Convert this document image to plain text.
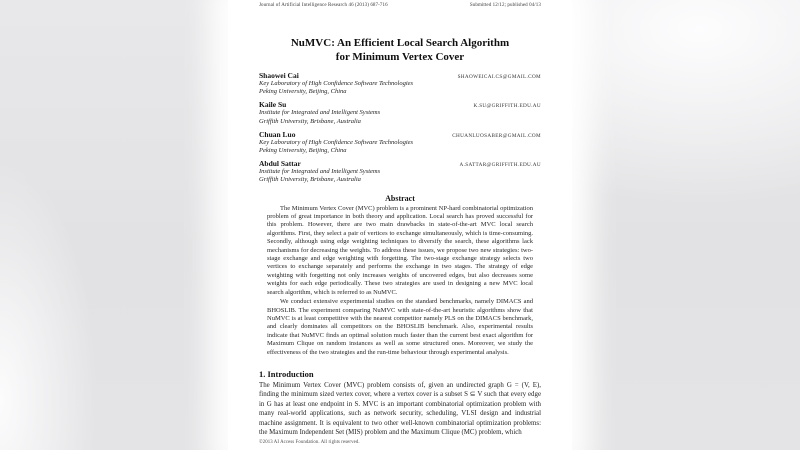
Journal of Artificial Intelligence Research 46 (2013) 687-716	Submitted 12/12; published 04/13
NuMVC: An Efficient Local Search Algorithm
for Minimum Vertex Cover
Shaowei Cai	SHAOWEICAI.CS@GMAIL.COM
Key Laboratory of High Confidence Software Technologies
Peking University, Beijing, China
Kaile Su	K.SU@GRIFFITH.EDU.AU
Institute for Integrated and Intelligent Systems
Griffith University, Brisbane, Australia
Chuan Luo	CHUANLUOSABER@GMAIL.COM
Key Laboratory of High Confidence Software Technologies
Peking University, Beijing, China
Abdul Sattar	A.SATTAR@GRIFFITH.EDU.AU
Institute for Integrated and Intelligent Systems
Griffith University, Brisbane, Australia
Abstract

The Minimum Vertex Cover (MVC) problem is a prominent NP-hard combinatorial optimization problem of great importance in both theory and application. Local search has proved successful for this problem. However, there are two main drawbacks in state-of-the-art MVC local search algorithms. First, they select a pair of vertices to exchange simultaneously, which is time-consuming. Secondly, although using edge weighting techniques to diversify the search, these algorithms lack mechanisms for decreasing the weights. To address these issues, we propose two new strategies: two-stage exchange and edge weighting with forgetting. The two-stage exchange strategy selects two vertices to exchange separately and performs the exchange in two stages. The strategy of edge weighting with forgetting not only increases weights of uncovered edges, but also decreases some weights for each edge periodically. These two strategies are used in designing a new MVC local search algorithm, which is referred to as NuMVC.

We conduct extensive experimental studies on the standard benchmarks, namely DIMACS and BHOSLIB. The experiment comparing NuMVC with state-of-the-art heuristic algorithms show that NuMVC is at least competitive with the nearest competitor namely PLS on the DIMACS benchmark, and clearly dominates all competitors on the BHOSLIB benchmark. Also, experimental results indicate that NuMVC finds an optimal solution much faster than the current best exact algorithm for Maximum Clique on random instances as well as some structured ones. Moreover, we study the effectiveness of the two strategies and the run-time behaviour through experimental analysis.

1. Introduction

The Minimum Vertex Cover (MVC) problem consists of, given an undirected graph G = (V, E), finding the minimum sized vertex cover, where a vertex cover is a subset S ⊆ V such that every edge in G has at least one endpoint in S. MVC is an important combinatorial optimization problem with many real-world applications, such as network security, scheduling, VLSI design and industrial machine assignment. It is equivalent to two other well-known combinatorial optimization problems: the Maximum Independent Set (MIS) problem and the Maximum Clique (MC) problem, which

©2013 AI Access Foundation. All rights reserved.
